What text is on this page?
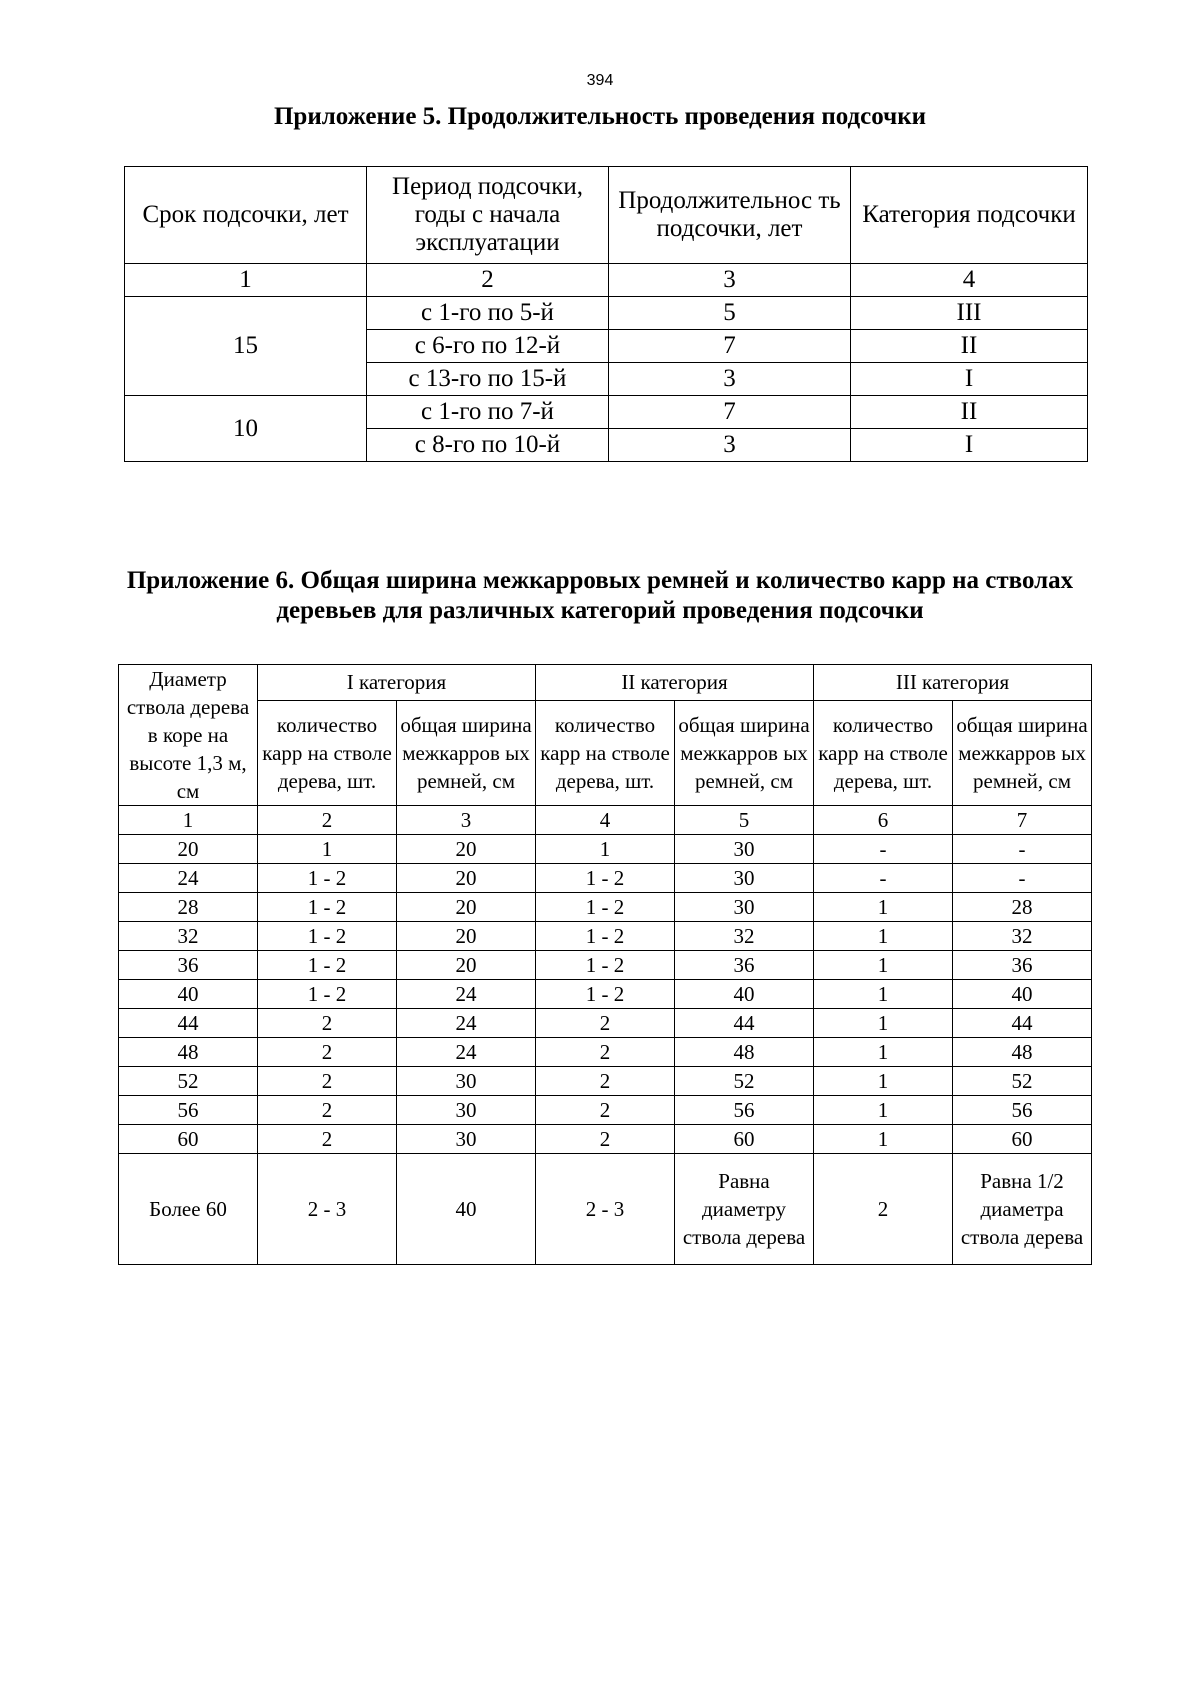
394
Приложение 5. Продолжительность проведения подсочки
Срок подсочки, лет	Период подсочки, годы с начала эксплуатации	Продолжительнос ть подсочки, лет	Категория подсочки
1	2	3	4
15	с 1-го по 5-й	5	III
	с 6-го по 12-й	7	II
	с 13-го по 15-й	3	I
10	с 1-го по 7-й	7	II
	с 8-го по 10-й	3	I
Приложение 6. Общая ширина межкарровых ремней и количество карр на стволах деревьев для различных категорий проведения подсочки
Диаметр ствола дерева в коре на высоте 1,3 м, см	I категория		II категория		III категория	
	количество карр на стволе дерева, шт.	общая ширина межкарров ых ремней, см	количество карр на стволе дерева, шт.	общая ширина межкарров ых ремней, см	количество карр на стволе дерева, шт.	общая ширина межкарров ых ремней, см
1	2	3	4	5	6	7
20	1	20	1	30	-	-
24	1 - 2	20	1 - 2	30	-	-
28	1 - 2	20	1 - 2	30	1	28
32	1 - 2	20	1 - 2	32	1	32
36	1 - 2	20	1 - 2	36	1	36
40	1 - 2	24	1 - 2	40	1	40
44	2	24	2	44	1	44
48	2	24	2	48	1	48
52	2	30	2	52	1	52
56	2	30	2	56	1	56
60	2	30	2	60	1	60
Более 60	2 - 3	40	2 - 3	Равна диаметру ствола дерева	2	Равна 1/2 диаметра ствола дерева
